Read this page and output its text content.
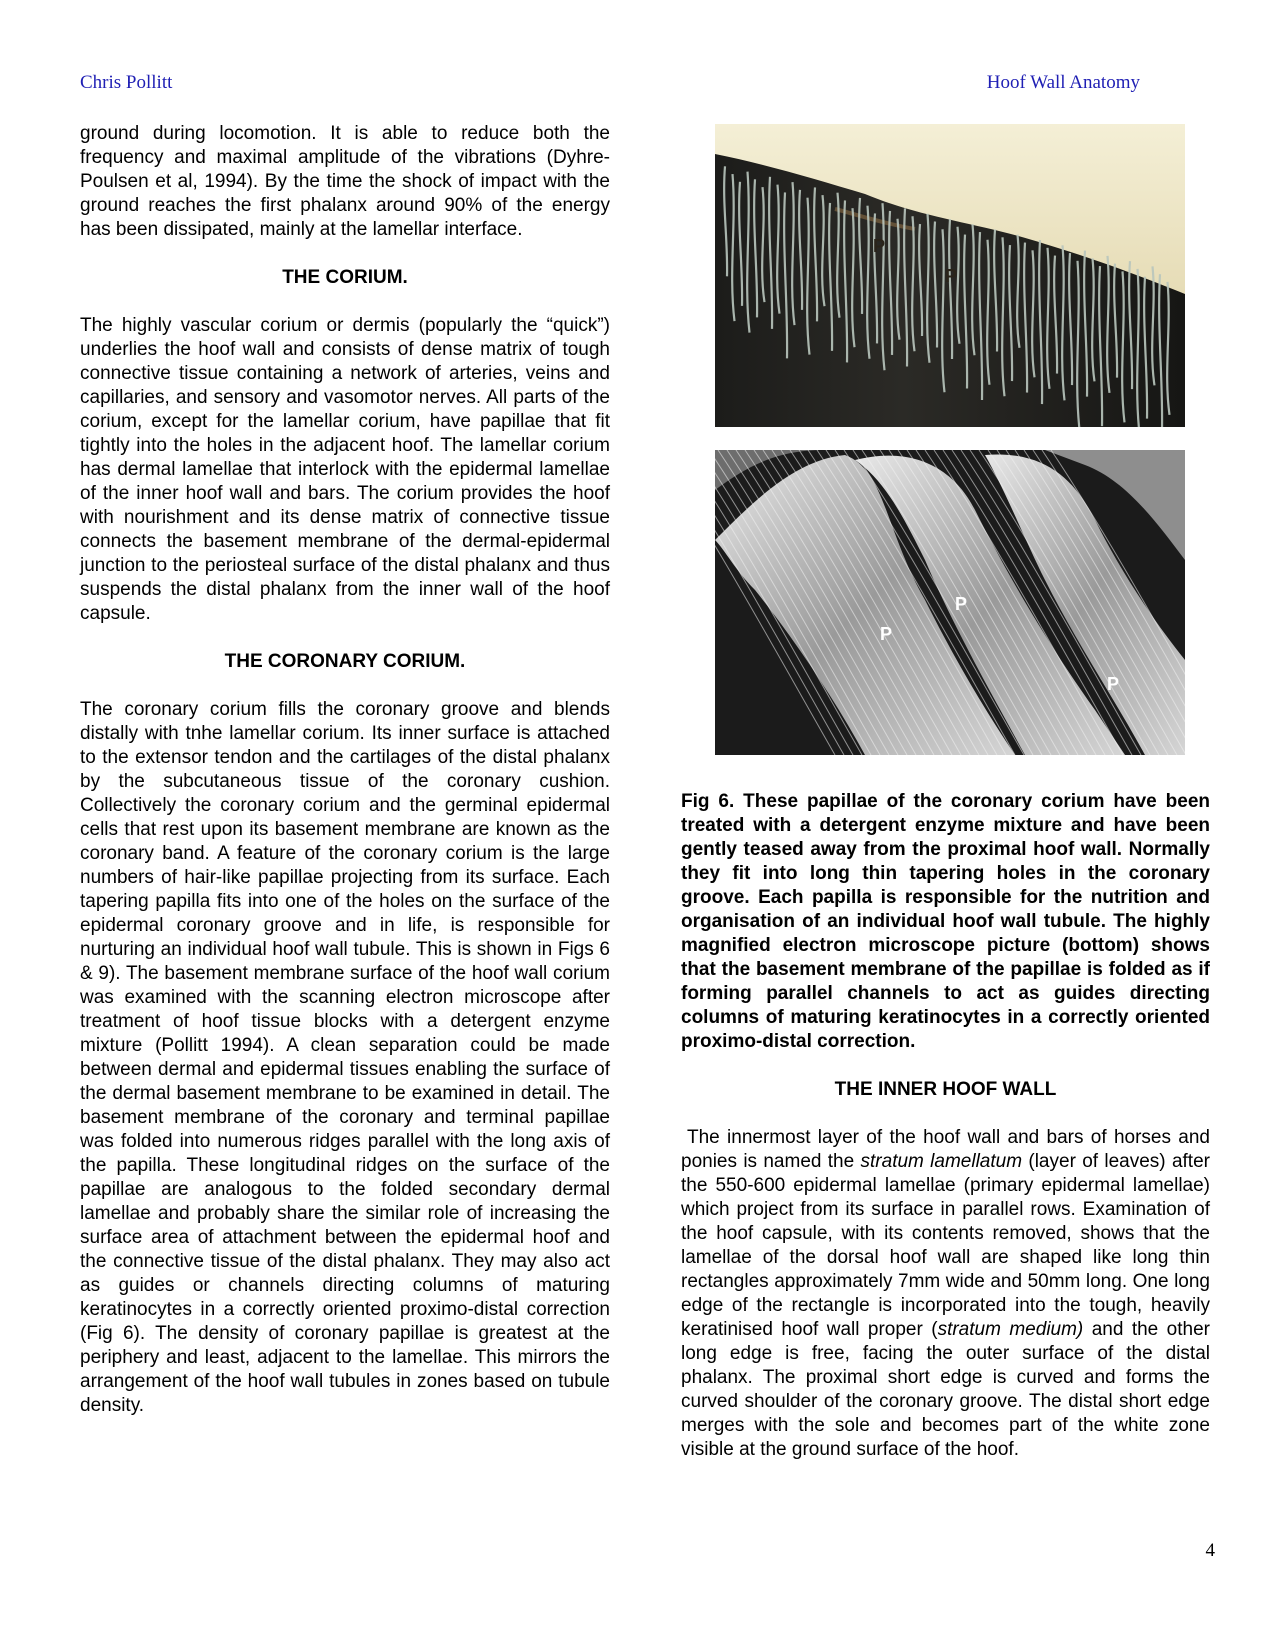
Chris Pollitt	Hoof Wall Anatomy

ground during locomotion. It is able to reduce both the frequency and maximal amplitude of the vibrations (Dyhre-Poulsen et al, 1994). By the time the shock of impact with the ground reaches the first phalanx around 90% of the energy has been dissipated, mainly at the lamellar interface.

THE CORIUM.

The highly vascular corium or dermis (popularly the “quick”) underlies the hoof wall and consists of dense matrix of tough connective tissue containing a network of arteries, veins and capillaries, and sensory and vasomotor nerves. All parts of the corium, except for the lamellar corium, have papillae that fit tightly into the holes in the adjacent hoof. The lamellar corium has dermal lamellae that interlock with the epidermal lamellae of the inner hoof wall and bars. The corium provides the hoof with nourishment and its dense matrix of connective tissue connects the basement membrane of the dermal-epidermal junction to the periosteal surface of the distal phalanx and thus suspends the distal phalanx from the inner wall of the hoof capsule.

THE CORONARY CORIUM.

The coronary corium fills the coronary groove and blends distally with tnhe lamellar corium. Its inner surface is attached to the extensor tendon and the cartilages of the distal phalanx by the subcutaneous tissue of the coronary cushion. Collectively the coronary corium and the germinal epidermal cells that rest upon its basement membrane are known as the coronary band. A feature of the coronary corium is the large numbers of hair-like papillae projecting from its surface. Each tapering papilla fits into one of the holes on the surface of the epidermal coronary groove and in life, is responsible for nurturing an individual hoof wall tubule. This is shown in Figs 6 & 9). The basement membrane surface of the hoof wall corium was examined with the scanning electron microscope after treatment of hoof tissue blocks with a detergent enzyme mixture (Pollitt 1994). A clean separation could be made between dermal and epidermal tissues enabling the surface of the dermal basement membrane to be examined in detail. The basement membrane of the coronary and terminal papillae was folded into numerous ridges parallel with the long axis of the papilla. These longitudinal ridges on the surface of the papillae are analogous to the folded secondary dermal lamellae and probably share the similar role of increasing the surface area of attachment between the epidermal hoof and the connective tissue of the distal phalanx. They may also act as guides or channels directing columns of maturing keratinocytes in a correctly oriented proximo-distal correction (Fig 6). The density of coronary papillae is greatest at the periphery and least, adjacent to the lamellae. This mirrors the arrangement of the hoof wall tubules in zones based on tubule density.

P
P
P
P
P

Fig 6. These papillae of the coronary corium have been treated with a detergent enzyme mixture and have been gently teased away from the proximal hoof wall. Normally they fit into long thin tapering holes in the coronary groove. Each papilla is responsible for the nutrition and organisation of an individual hoof wall tubule. The highly magnified electron microscope picture (bottom) shows that the basement membrane of the papillae is folded as if forming parallel channels to act as guides directing columns of maturing keratinocytes in a correctly oriented proximo-distal correction.

THE INNER HOOF WALL

The innermost layer of the hoof wall and bars of horses and ponies is named the stratum lamellatum (layer of leaves) after the 550-600 epidermal lamellae (primary epidermal lamellae) which project from its surface in parallel rows. Examination of the hoof capsule, with its contents removed, shows that the lamellae of the dorsal hoof wall are shaped like long thin rectangles approximately 7mm wide and 50mm long. One long edge of the rectangle is incorporated into the tough, heavily keratinised hoof wall proper (stratum medium) and the other long edge is free, facing the outer surface of the distal phalanx. The proximal short edge is curved and forms the curved shoulder of the coronary groove. The distal short edge merges with the sole and becomes part of the white zone visible at the ground surface of the hoof.

4
